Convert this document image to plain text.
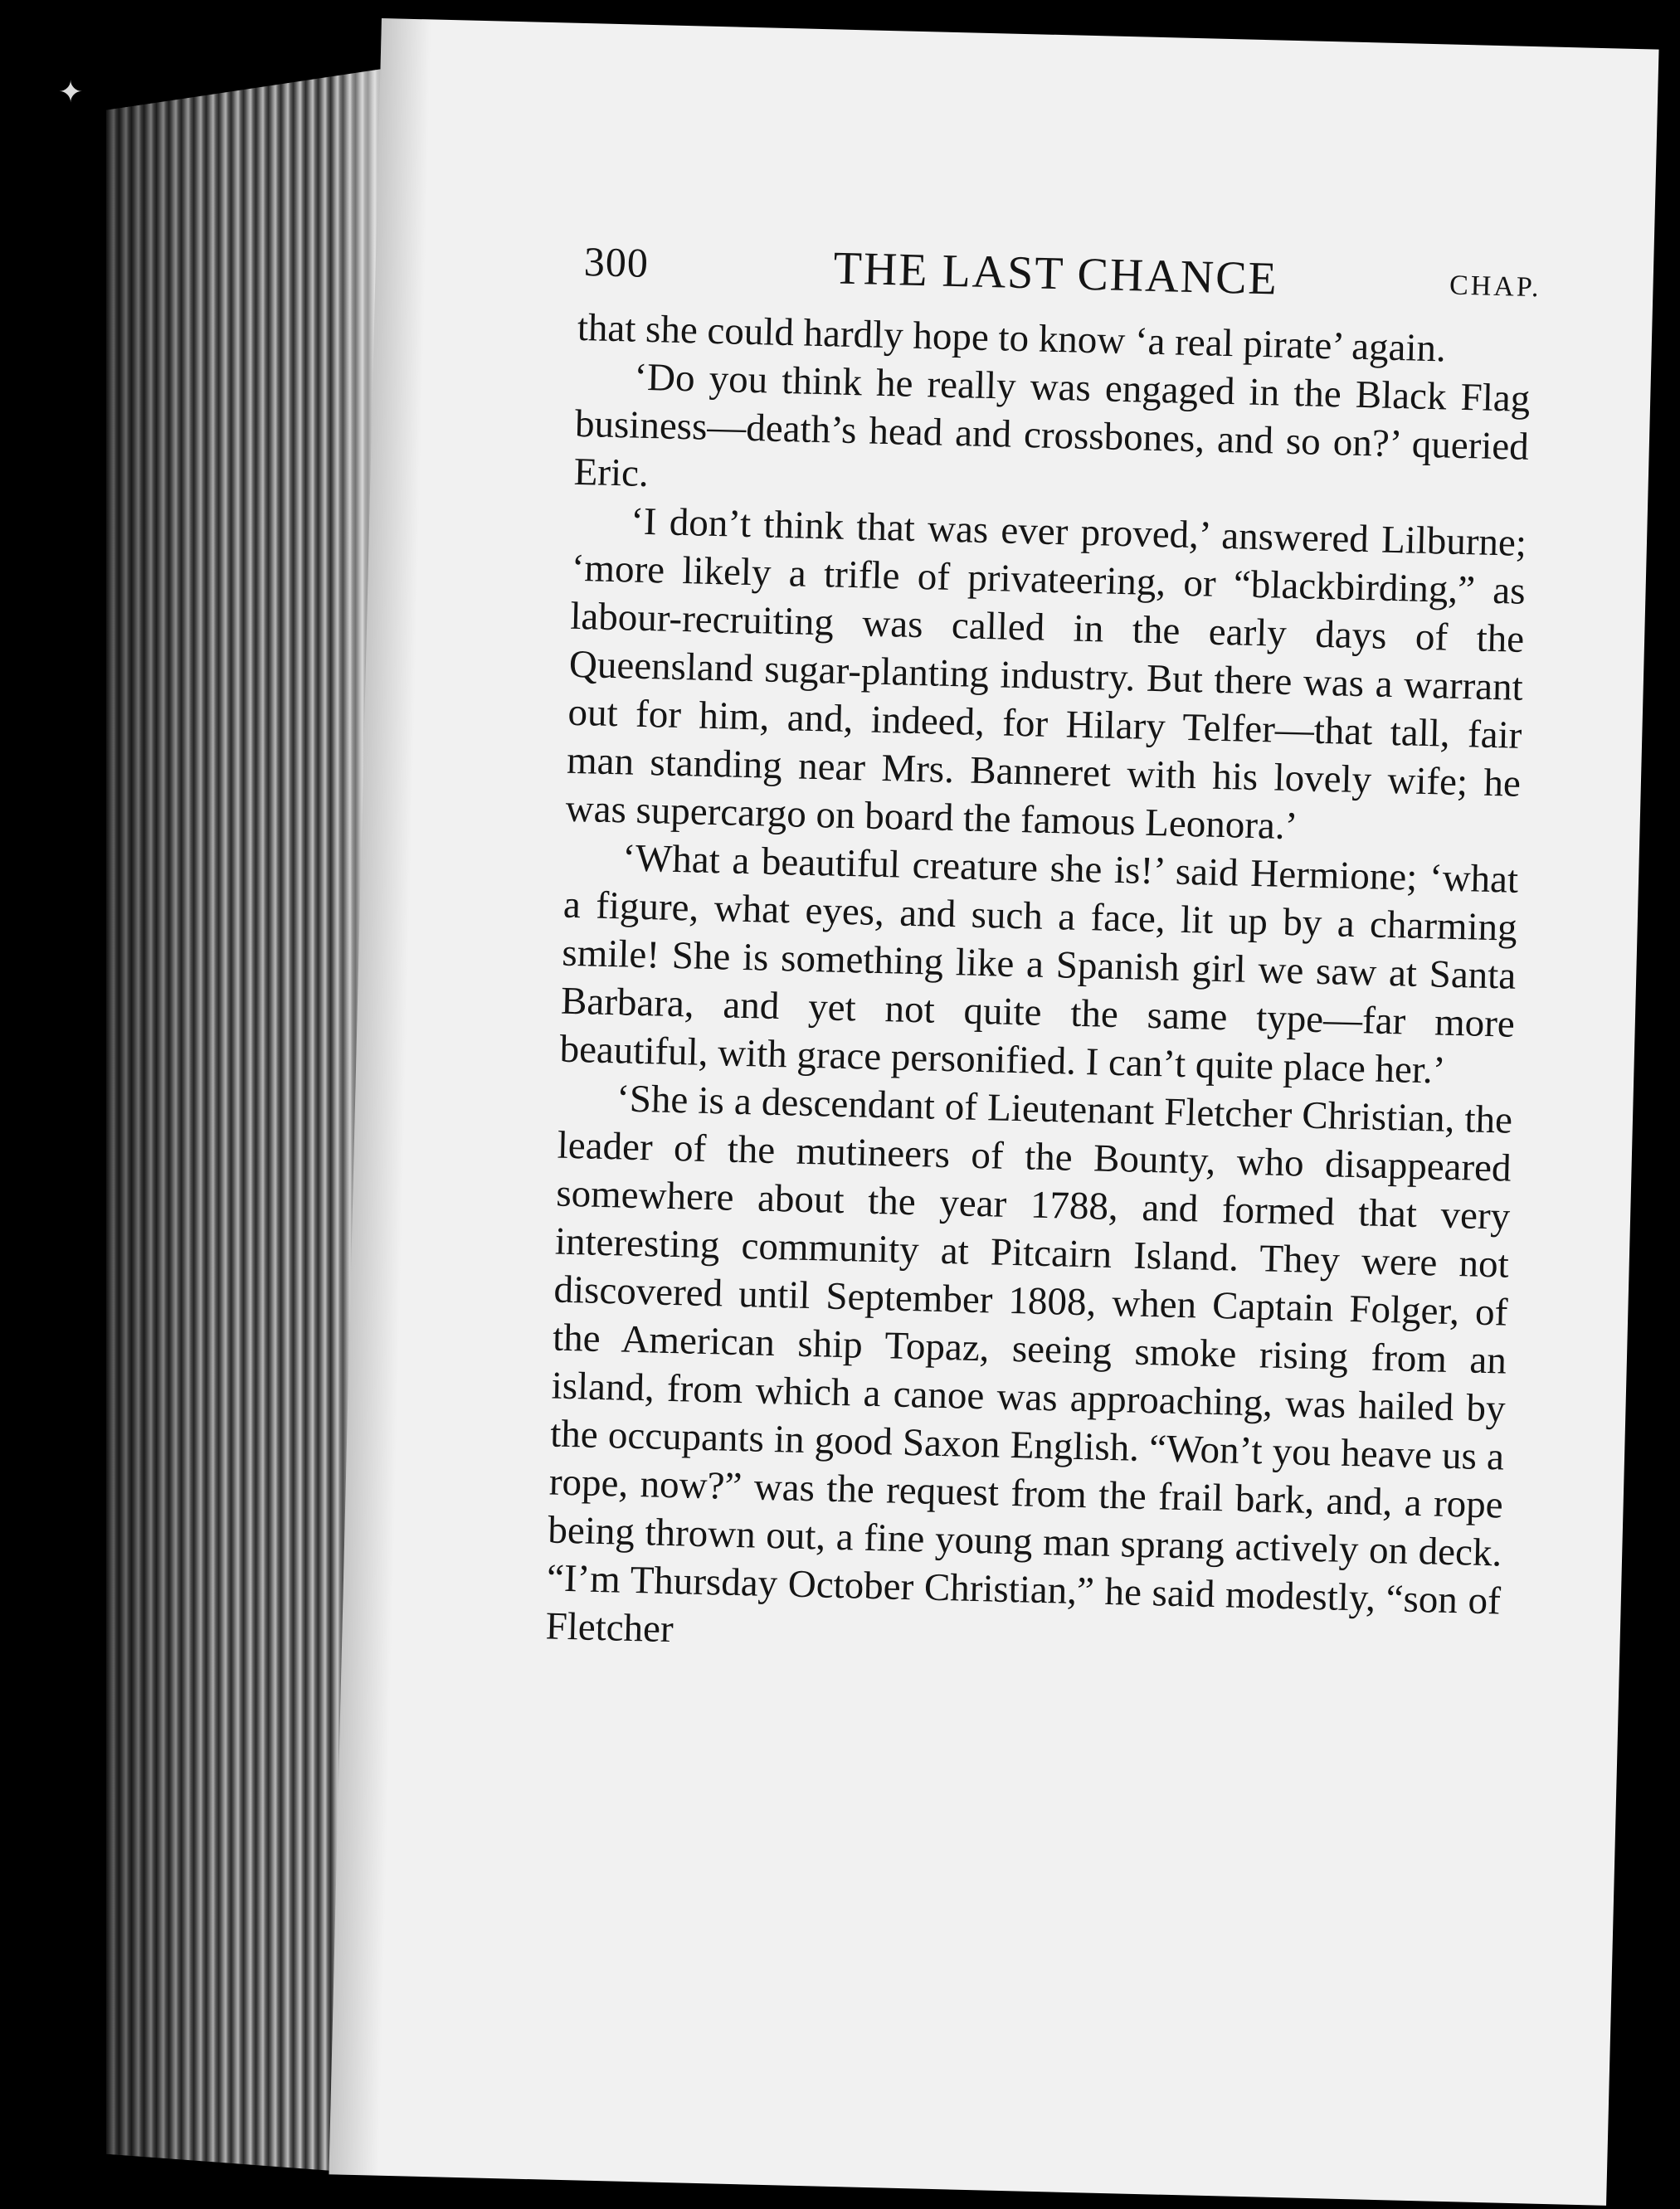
✦
300	THE LAST CHANCE	CHAP.

that she could hardly hope to know ‘a real pirate’ again.

‘Do you think he really was engaged in the Black Flag business—death’s head and crossbones, and so on?’ queried Eric.

‘I don’t think that was ever proved,’ answered Lilburne; ‘more likely a trifle of privateering, or “blackbirding,” as labour-recruiting was called in the early days of the Queensland sugar-planting industry. But there was a warrant out for him, and, indeed, for Hilary Telfer—that tall, fair man standing near Mrs. Banneret with his lovely wife; he was supercargo on board the famous Leonora.’

‘What a beautiful creature she is!’ said Hermione; ‘what a figure, what eyes, and such a face, lit up by a charming smile! She is something like a Spanish girl we saw at Santa Barbara, and yet not quite the same type—far more beautiful, with grace personified. I can’t quite place her.’

‘She is a descendant of Lieutenant Fletcher Christian, the leader of the mutineers of the Bounty, who disappeared somewhere about the year 1788, and formed that very interesting community at Pitcairn Island. They were not discovered until September 1808, when Captain Folger, of the American ship Topaz, seeing smoke rising from an island, from which a canoe was approaching, was hailed by the occupants in good Saxon English. “Won’t you heave us a rope, now?” was the request from the frail bark, and, a rope being thrown out, a fine young man sprang actively on deck. “I’m Thursday October Christian,” he said modestly, “son of Fletcher
